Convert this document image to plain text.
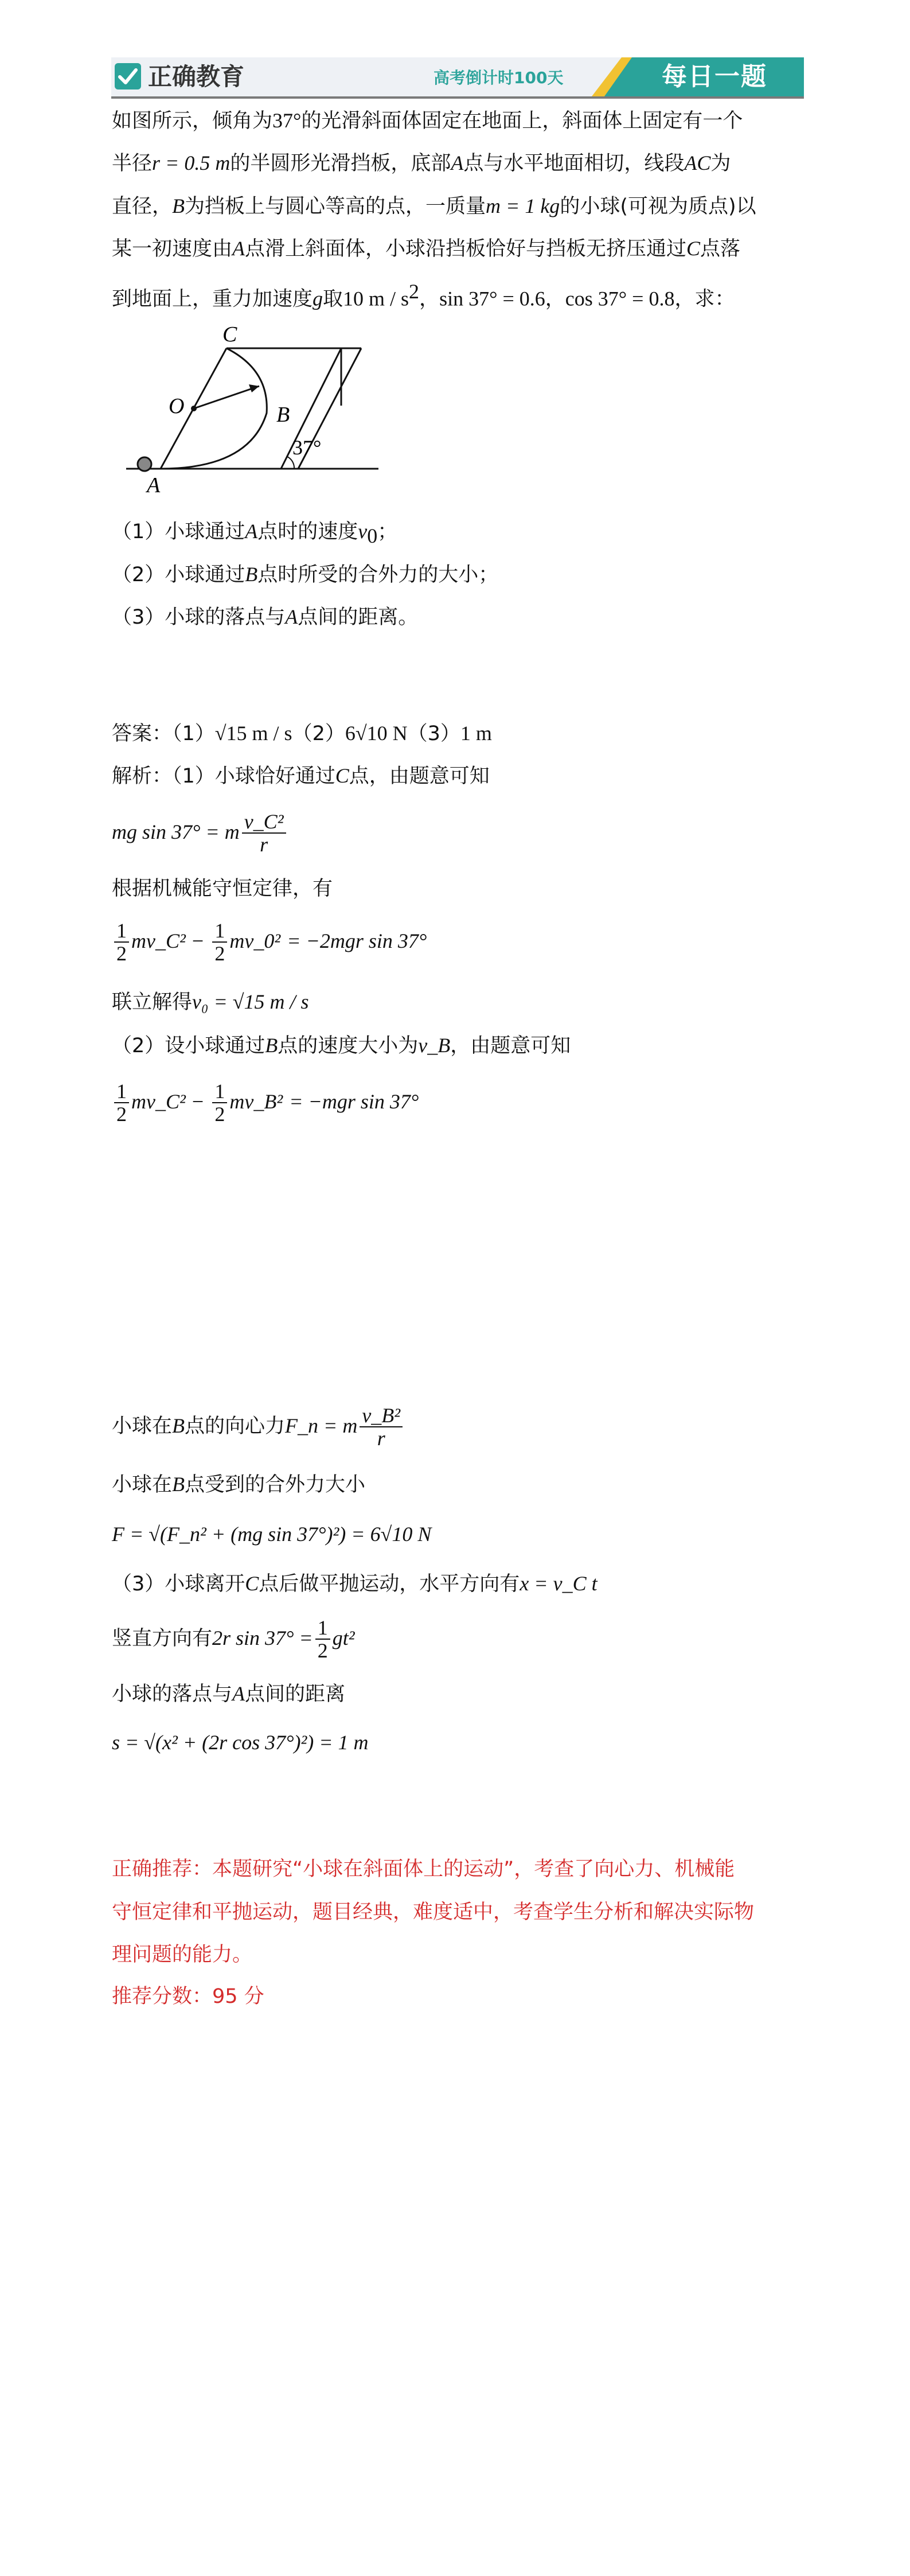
正确教育	高考倒计时100天	每日一题
如图所示，倾角为37°的光滑斜面体固定在地面上，斜面体上固定有一个
半径r = 0.5 m的半圆形光滑挡板，底部A点与水平地面相切，线段AC为
直径，B为挡板上与圆心等高的点，一质量m = 1 kg的小球(可视为质点)以
某一初速度由A点滑上斜面体，小球沿挡板恰好与挡板无挤压通过C点落
到地面上，重力加速度g取10 m / $s^2$，sin 37° = 0.6，cos 37° = 0.8，求：
C
O	B
A
37°
（1）小球通过A点时的速度$v_0$；
（2）小球通过B点时所受的合外力的大小；
（3）小球的落点与A点间的距离。
答案：（1）√15 m / s（2）6√10 N（3）1 m
解析：（1）小球恰好通过C点，由题意可知
mg sin 37° = m $\frac{\text{v\_C²}}{r}$
根据机械能守恒定律，有
$\frac{1}{2}$ mv_C² − $\frac{1}{2}$ mv_0² = −2mgr sin 37°
联立解得v₀ = √15 m / s
（2）设小球通过B点的速度大小为v_B，由题意可知
$\frac{1}{2}$ mv_C² − $\frac{1}{2}$ mv_B² = −mgr sin 37°
小球在B点的向心力F_n = m $\frac{\text{v\_B²}}{r}$
小球在B点受到的合外力大小
F = √(F_n² + (mg sin 37°)²) = 6√10 N
（3）小球离开C点后做平抛运动，水平方向有x = v_C t
竖直方向有2r $\sin 37^\circ = \frac{1}{2} gt^2$
小球的落点与A点间的距离
s = √(x² + (2r cos 37°)²) = 1 m
正确推荐：本题研究“小球在斜面体上的运动”，考查了向心力、机械能
守恒定律和平抛运动，题目经典，难度适中，考查学生分析和解决实际物
理问题的能力。
推荐分数：95 分
